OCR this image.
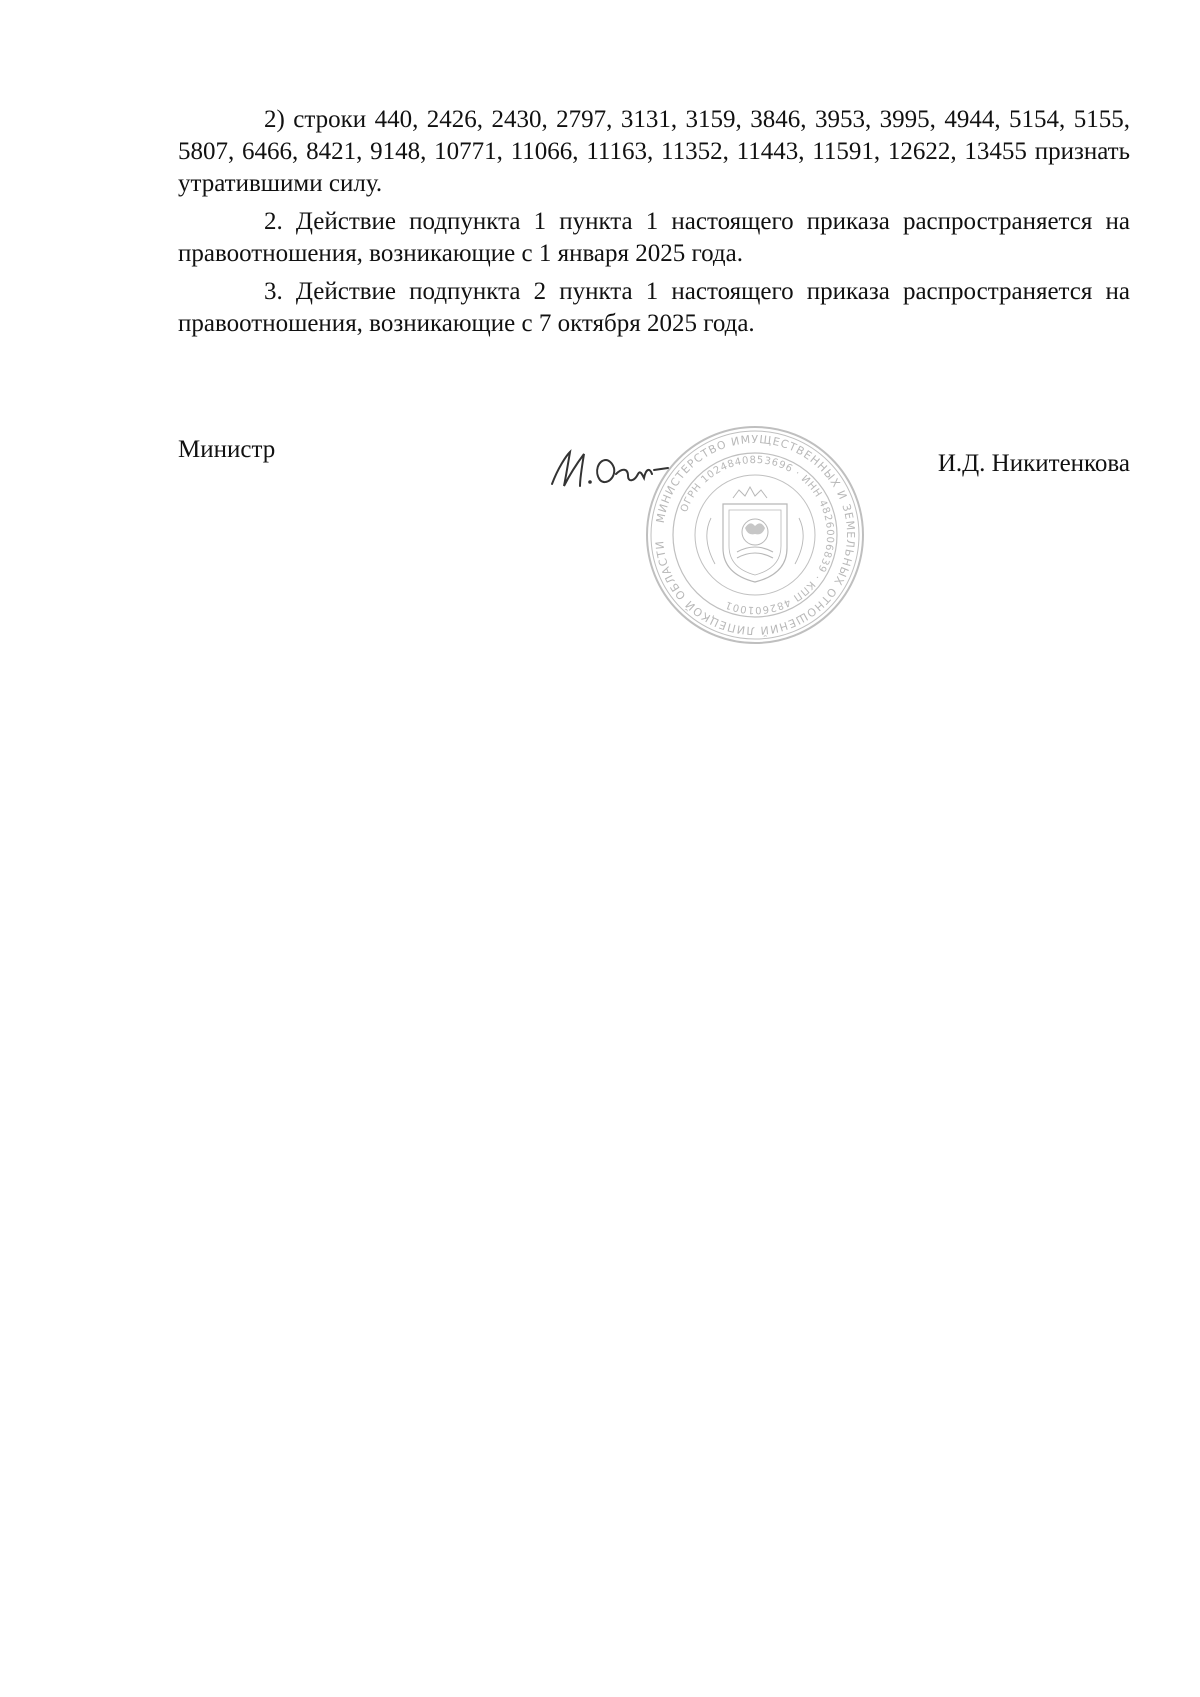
2) строки 440, 2426, 2430, 2797, 3131, 3159, 3846, 3953, 3995, 4944, 5154, 5155, 5807, 6466, 8421, 9148, 10771, 11066, 11163, 11352, 11443, 11591, 12622, 13455 признать утратившими силу.

2. Действие подпункта 1 пункта 1 настоящего приказа распространяется на правоотношения, возникающие с 1 января 2025 года.

3. Действие подпункта 2 пункта 1 настоящего приказа распространяется на правоотношения, возникающие с 7 октября 2025 года.

Министр
И.Д. Никитенкова
МИНИСТЕРСТВО ИМУЩЕСТВЕННЫХ И ЗЕМЕЛЬНЫХ ОТНОШЕНИЙ ЛИПЕЦКОЙ ОБЛАСТИ
ОГРН 1024840853696 · ИНН 4826006839 · КПП 482601001
